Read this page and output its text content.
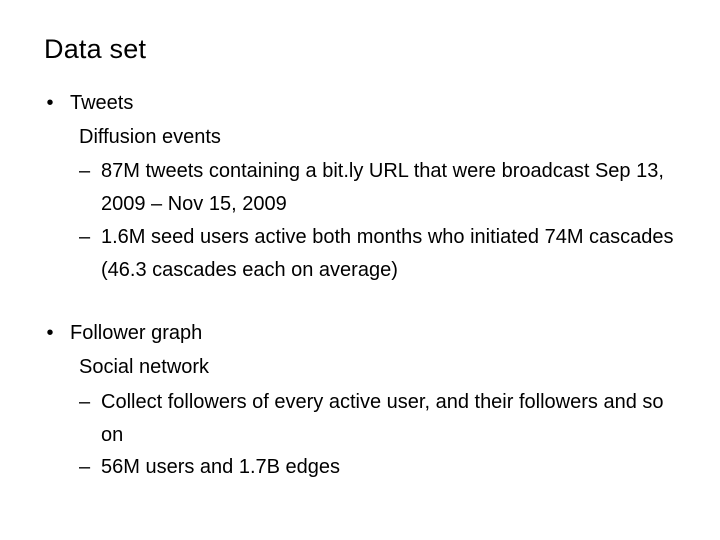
Data set
• Tweets
Diffusion events
– 87M tweets containing a bit.ly URL that were broadcast Sep 13, 2009 – Nov 15, 2009
– 1.6M seed users active both months who initiated 74M cascades (46.3 cascades each on average)
• Follower graph
Social network
– Collect followers of every active user, and their followers and so on
– 56M users and 1.7B edges
